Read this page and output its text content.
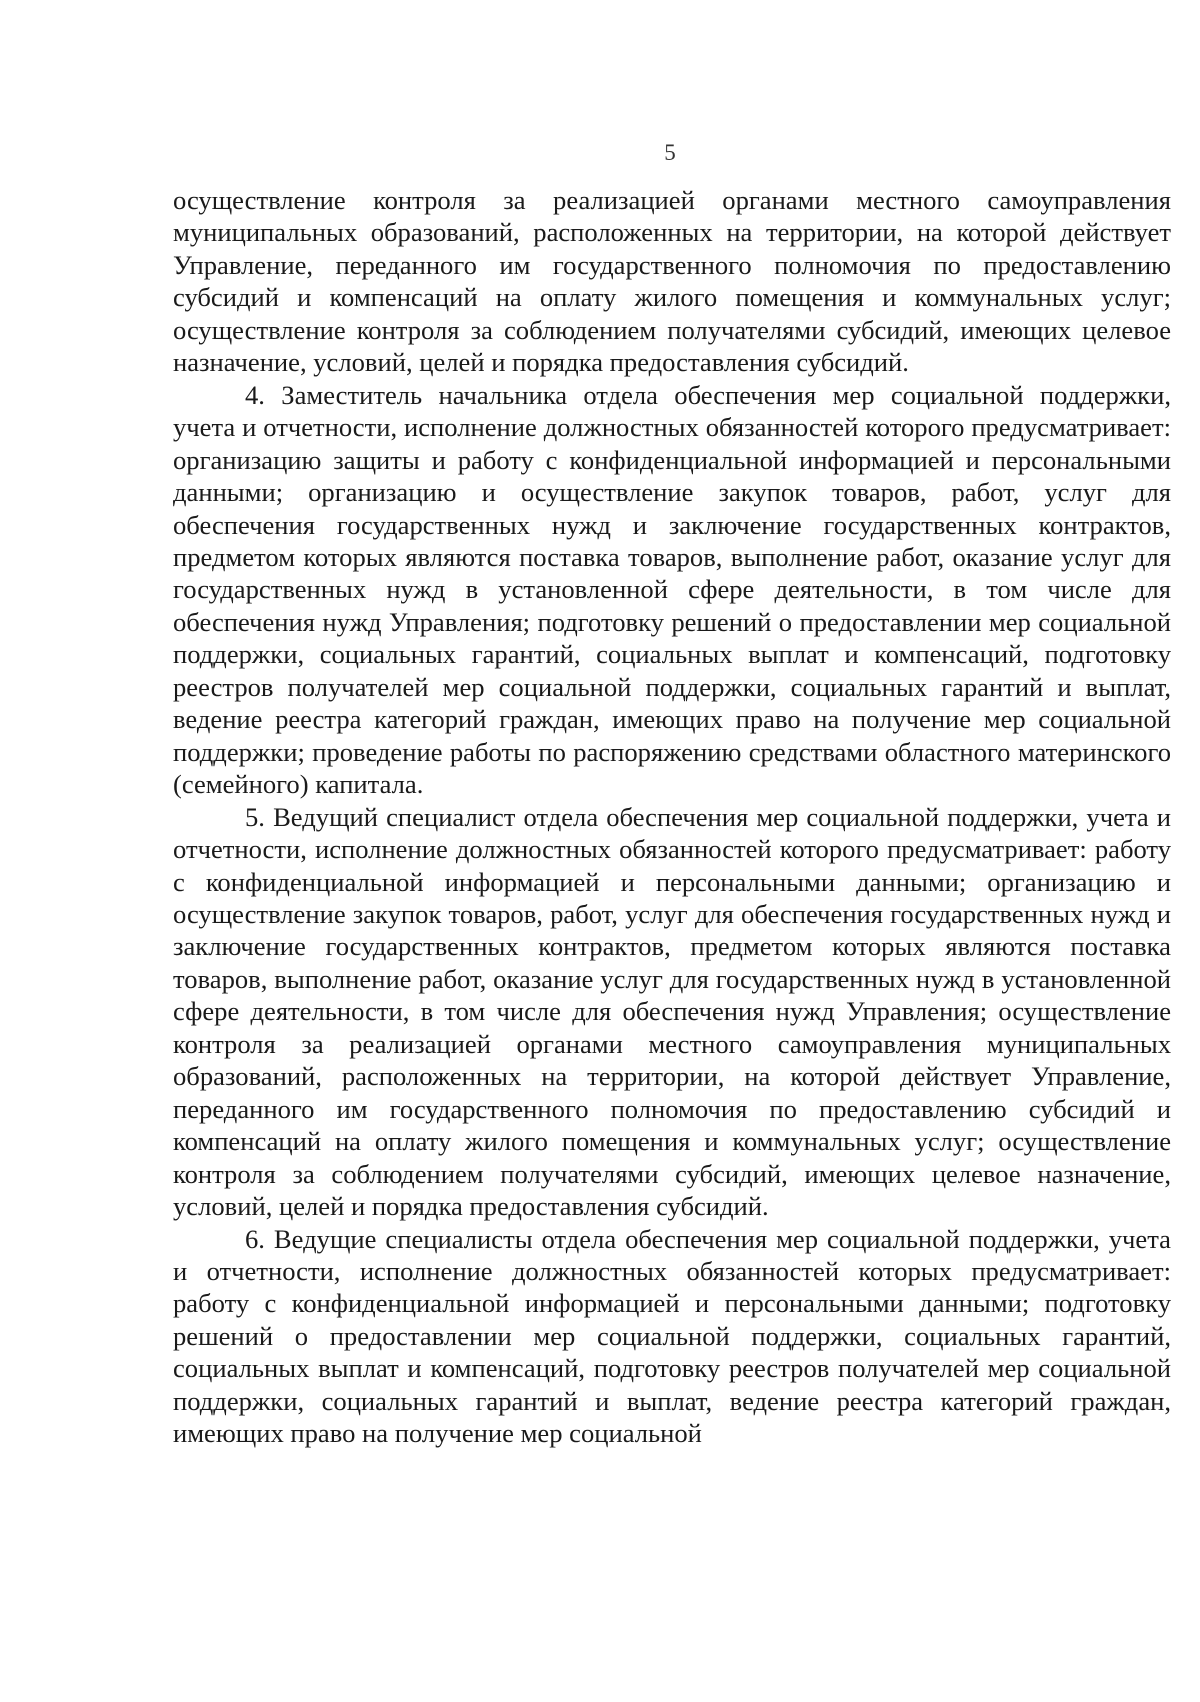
5

осуществление контроля за реализацией органами местного самоуправления муниципальных образований, расположенных на территории, на которой действует Управление, переданного им государственного полномочия по предоставлению субсидий и компенсаций на оплату жилого помещения и коммунальных услуг; осуществление контроля за соблюдением получателями субсидий, имеющих целевое назначение, условий, целей и порядка предоставления субсидий.

4. Заместитель начальника отдела обеспечения мер социальной поддержки, учета и отчетности, исполнение должностных обязанностей которого предусматривает: организацию защиты и работу с конфиденциальной информацией и персональными данными; организацию и осуществление закупок товаров, работ, услуг для обеспечения государственных нужд и заключение государственных контрактов, предметом которых являются поставка товаров, выполнение работ, оказание услуг для государственных нужд в установленной сфере деятельности, в том числе для обеспечения нужд Управления; подготовку решений о предоставлении мер социальной поддержки, социальных гарантий, социальных выплат и компенсаций, подготовку реестров получателей мер социальной поддержки, социальных гарантий и выплат, ведение реестра категорий граждан, имеющих право на получение мер социальной поддержки; проведение работы по распоряжению средствами областного материнского (семейного) капитала.

5. Ведущий специалист отдела обеспечения мер социальной поддержки, учета и отчетности, исполнение должностных обязанностей которого предусматривает: работу с конфиденциальной информацией и персональными данными; организацию и осуществление закупок товаров, работ, услуг для обеспечения государственных нужд и заключение государственных контрактов, предметом которых являются поставка товаров, выполнение работ, оказание услуг для государственных нужд в установленной сфере деятельности, в том числе для обеспечения нужд Управления; осуществление контроля за реализацией органами местного самоуправления муниципальных образований, расположенных на территории, на которой действует Управление, переданного им государственного полномочия по предоставлению субсидий и компенсаций на оплату жилого помещения и коммунальных услуг; осуществление контроля за соблюдением получателями субсидий, имеющих целевое назначение, условий, целей и порядка предоставления субсидий.

6. Ведущие специалисты отдела обеспечения мер социальной поддержки, учета и отчетности, исполнение должностных обязанностей которых предусматривает: работу с конфиденциальной информацией и персональными данными; подготовку решений о предоставлении мер социальной поддержки, социальных гарантий, социальных выплат и компенсаций, подготовку реестров получателей мер социальной поддержки, социальных гарантий и выплат, ведение реестра категорий граждан, имеющих право на получение мер социальной
